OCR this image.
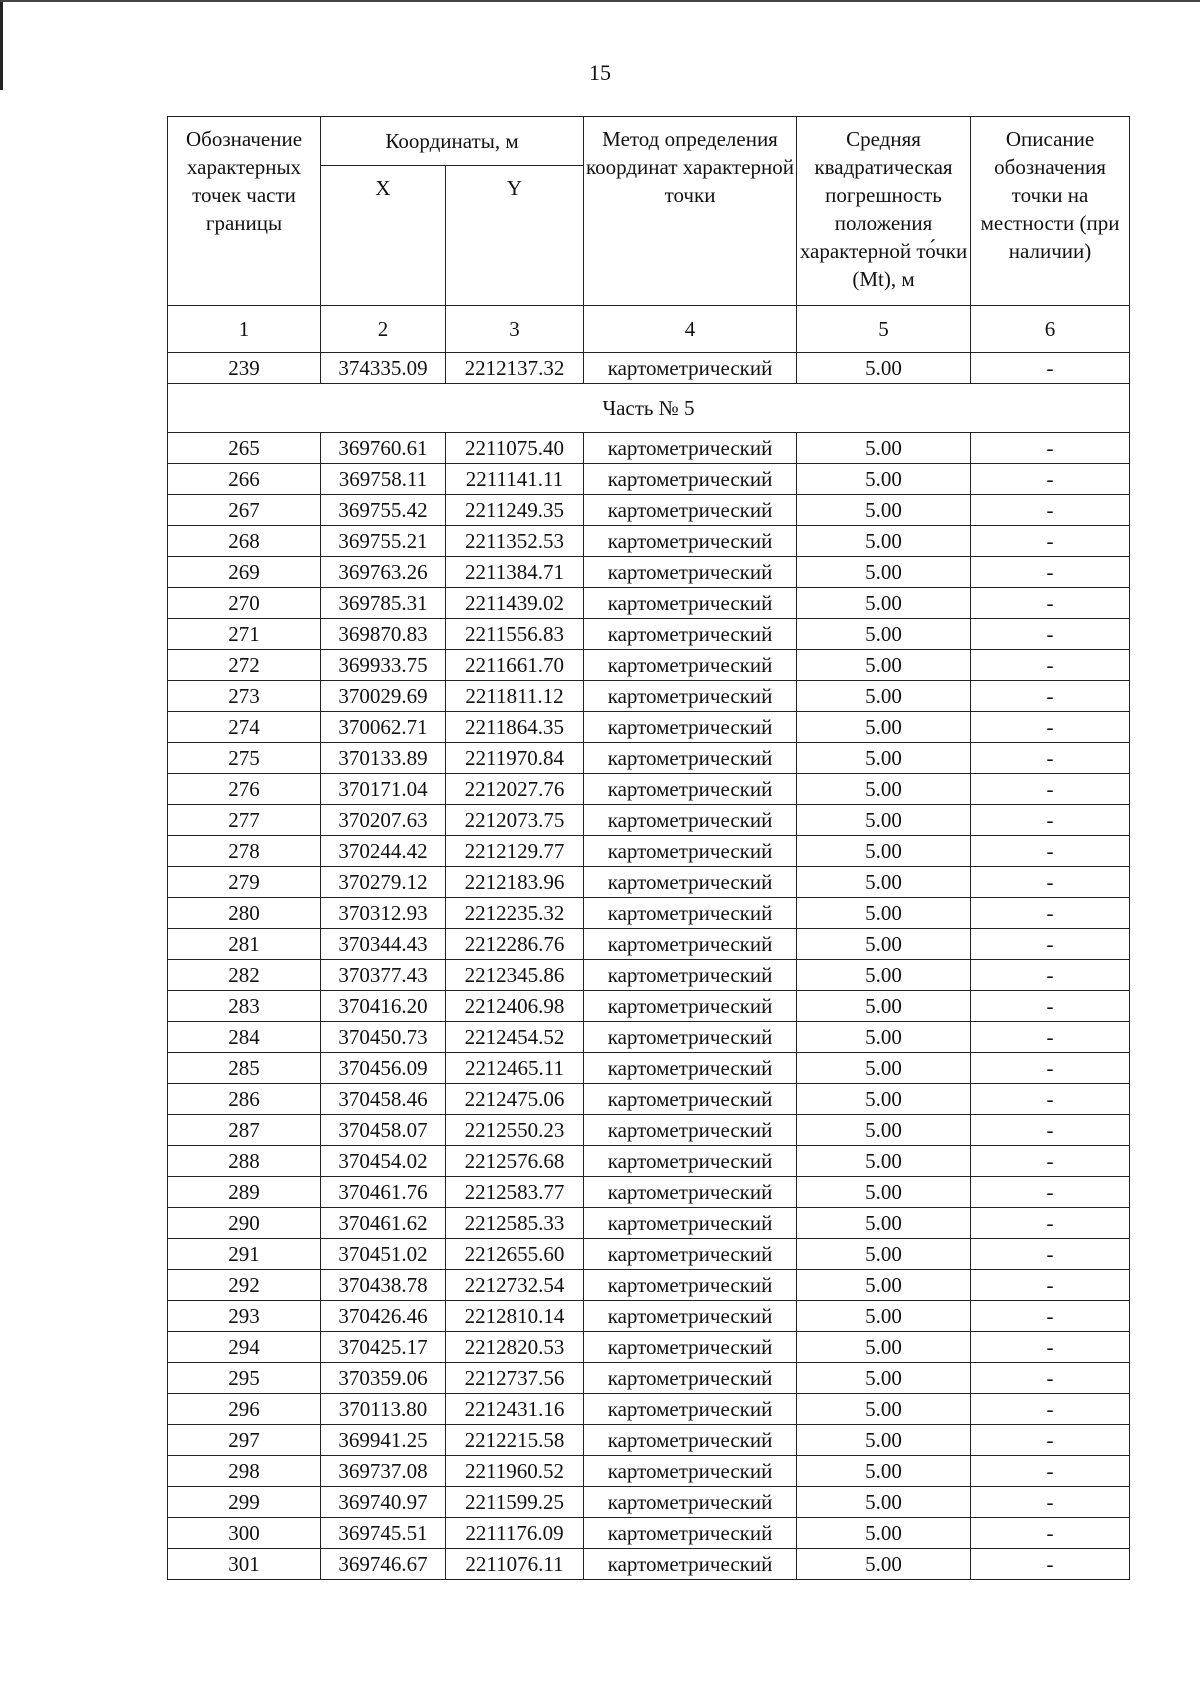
15
Обозначение характерных точек части границы	Координаты, м		Метод определения координат характерной точки	Средняя квадратическая погрешность положения характерной то́чки (Mt), м	Описание обозначения точки на местности (при наличии)
	X	Y			
1	2	3	4	5	6
239	374335.09	2212137.32	картометрический	5.00	-
Часть № 5					
265	369760.61	2211075.40	картометрический	5.00	-
266	369758.11	2211141.11	картометрический	5.00	-
267	369755.42	2211249.35	картометрический	5.00	-
268	369755.21	2211352.53	картометрический	5.00	-
269	369763.26	2211384.71	картометрический	5.00	-
270	369785.31	2211439.02	картометрический	5.00	-
271	369870.83	2211556.83	картометрический	5.00	-
272	369933.75	2211661.70	картометрический	5.00	-
273	370029.69	2211811.12	картометрический	5.00	-
274	370062.71	2211864.35	картометрический	5.00	-
275	370133.89	2211970.84	картометрический	5.00	-
276	370171.04	2212027.76	картометрический	5.00	-
277	370207.63	2212073.75	картометрический	5.00	-
278	370244.42	2212129.77	картометрический	5.00	-
279	370279.12	2212183.96	картометрический	5.00	-
280	370312.93	2212235.32	картометрический	5.00	-
281	370344.43	2212286.76	картометрический	5.00	-
282	370377.43	2212345.86	картометрический	5.00	-
283	370416.20	2212406.98	картометрический	5.00	-
284	370450.73	2212454.52	картометрический	5.00	-
285	370456.09	2212465.11	картометрический	5.00	-
286	370458.46	2212475.06	картометрический	5.00	-
287	370458.07	2212550.23	картометрический	5.00	-
288	370454.02	2212576.68	картометрический	5.00	-
289	370461.76	2212583.77	картометрический	5.00	-
290	370461.62	2212585.33	картометрический	5.00	-
291	370451.02	2212655.60	картометрический	5.00	-
292	370438.78	2212732.54	картометрический	5.00	-
293	370426.46	2212810.14	картометрический	5.00	-
294	370425.17	2212820.53	картометрический	5.00	-
295	370359.06	2212737.56	картометрический	5.00	-
296	370113.80	2212431.16	картометрический	5.00	-
297	369941.25	2212215.58	картометрический	5.00	-
298	369737.08	2211960.52	картометрический	5.00	-
299	369740.97	2211599.25	картометрический	5.00	-
300	369745.51	2211176.09	картометрический	5.00	-
301	369746.67	2211076.11	картометрический	5.00	-
